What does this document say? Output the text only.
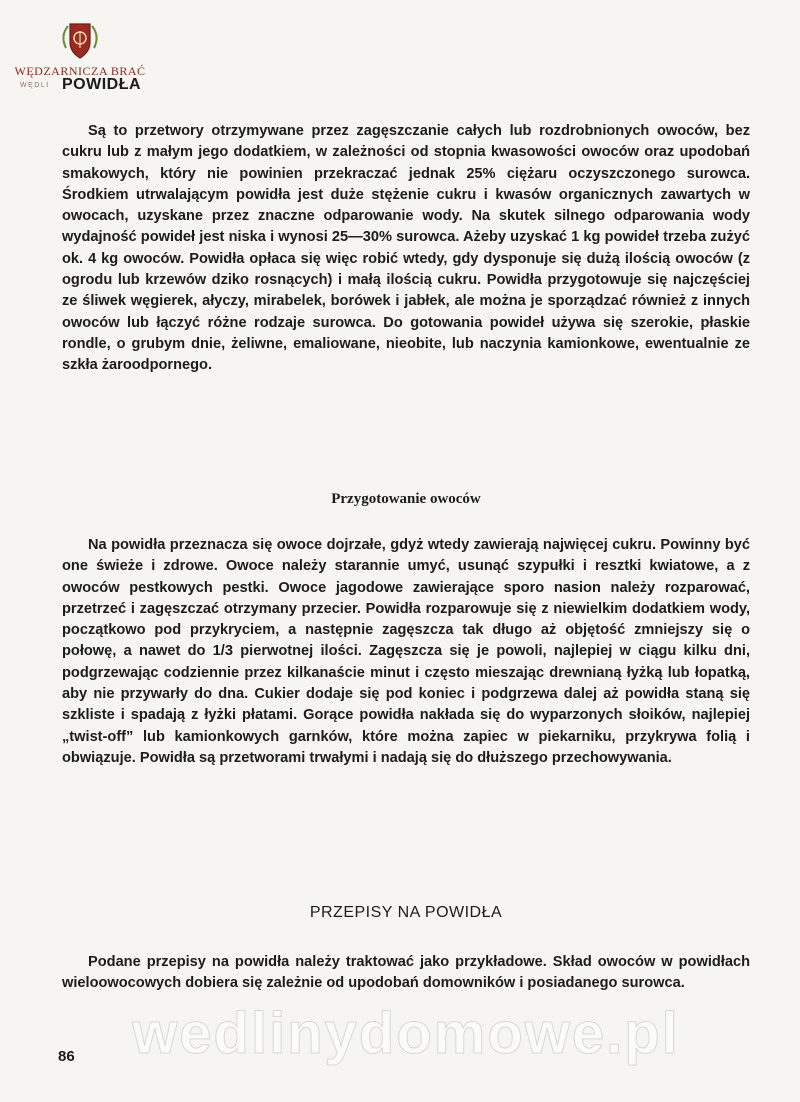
WĘDZARNICZA BRAĆ
WĘDLI POWIDŁA

Są to przetwory otrzymywane przez zagęszczanie całych lub rozdrobnionych owoców, bez cukru lub z małym jego dodatkiem, w zależności od stopnia kwasowości owoców oraz upodobań smakowych, który nie powinien przekraczać jednak 25% ciężaru oczyszczonego surowca. Środkiem utrwalającym powidła jest duże stężenie cukru i kwasów organicznych zawartych w owocach, uzyskane przez znaczne odparowanie wody. Na skutek silnego odparowania wody wydajność powideł jest niska i wynosi 25—30% surowca. Ażeby uzyskać 1 kg powideł trzeba zużyć ok. 4 kg owoców. Powidła opłaca się więc robić wtedy, gdy dysponuje się dużą ilością owoców (z ogrodu lub krzewów dziko rosnących) i małą ilością cukru. Powidła przygotowuje się najczęściej ze śliwek węgierek, ałyczy, mirabelek, borówek i jabłek, ale można je sporządzać również z innych owoców lub łączyć różne rodzaje surowca. Do gotowania powideł używa się szerokie, płaskie rondle, o grubym dnie, żeliwne, emaliowane, nieobite, lub naczynia kamionkowe, ewentualnie ze szkła żaroodpornego.

Przygotowanie owoców

Na powidła przeznacza się owoce dojrzałe, gdyż wtedy zawierają najwięcej cukru. Powinny być one świeże i zdrowe. Owoce należy starannie umyć, usunąć szypułki i resztki kwiatowe, a z owoców pestkowych pestki. Owoce jagodowe zawierające sporo nasion należy rozparować, przetrzeć i zagęszczać otrzymany przecier. Powidła rozparowuje się z niewielkim dodatkiem wody, początkowo pod przykryciem, a następnie zagęszcza tak długo aż objętość zmniejszy się o połowę, a nawet do 1/3 pierwotnej ilości. Zagęszcza się je powoli, najlepiej w ciągu kilku dni, podgrzewając codziennie przez kilkanaście minut i często mieszając drewnianą łyżką lub łopatką, aby nie przywarły do dna. Cukier dodaje się pod koniec i podgrzewa dalej aż powidła staną się szkliste i spadają z łyżki płatami. Gorące powidła nakłada się do wyparzonych słoików, najlepiej „twist-off” lub kamionkowych garnków, które można zapiec w piekarniku, przykrywa folią i obwiązuje. Powidła są przetworami trwałymi i nadają się do dłuższego przechowywania.

PRZEPISY NA POWIDŁA

Podane przepisy na powidła należy traktować jako przykładowe. Skład owoców w powidłach wieloowocowych dobiera się zależnie od upodobań domowników i posiadanego surowca.

wedlinydomowe.pl
86
